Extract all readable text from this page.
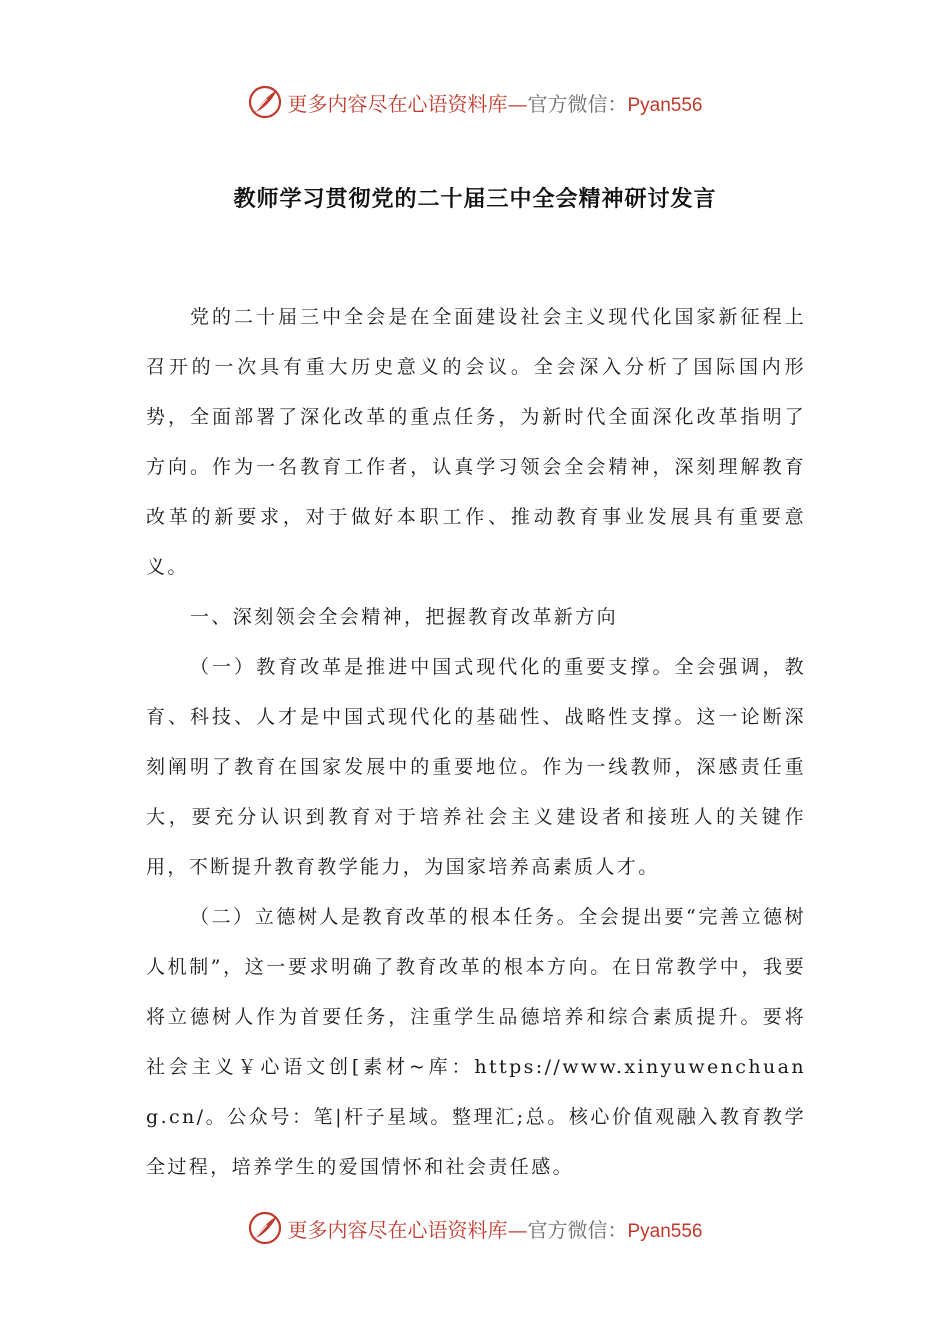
更多内容尽在心语资料库—官方微信：Pyan556
教师学习贯彻党的二十届三中全会精神研讨发言

党的二十届三中全会是在全面建设社会主义现代化国家新征程上召开的一次具有重大历史意义的会议。全会深入分析了国际国内形势，全面部署了深化改革的重点任务，为新时代全面深化改革指明了方向。作为一名教育工作者，认真学习领会全会精神，深刻理解教育改革的新要求，对于做好本职工作、推动教育事业发展具有重要意义。

一、深刻领会全会精神，把握教育改革新方向

（一）教育改革是推进中国式现代化的重要支撑。全会强调，教育、科技、人才是中国式现代化的基础性、战略性支撑。这一论断深刻阐明了教育在国家发展中的重要地位。作为一线教师，深感责任重大，要充分认识到教育对于培养社会主义建设者和接班人的关键作用，不断提升教育教学能力，为国家培养高素质人才。

（二）立德树人是教育改革的根本任务。全会提出要“完善立德树人机制”，这一要求明确了教育改革的根本方向。在日常教学中，我要将立德树人作为首要任务，注重学生品德培养和综合素质提升。要将社会主义￥心语文创[素材~库：https://www.xinyuwenchuang.cn/。公众号：笔|杆子星域。整理汇;总。核心价值观融入教育教学全过程，培养学生的爱国情怀和社会责任感。

更多内容尽在心语资料库—官方微信：Pyan556
